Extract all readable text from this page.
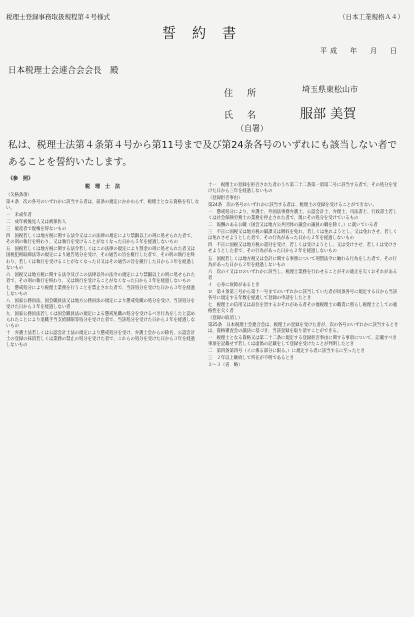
税理士登録事務取扱規程第４号様式	（日本工業規格Ａ４）
誓約書
平成　年　月　日
日本税理士会連合会会長　殿
住所	埼玉県東松山市
氏名 服部 美賀
（自署）
私は、税理士法第４条第４号から第11号まで及び第24条各号のいずれにも該当しない者であることを誓約いたします。
《参　照》

税　理　士　法

（欠格条項）

第４条　次の各号のいずれかに該当する者は、前条の規定にかかわらず、税理士となる資格を有しない。

一　未成年者

二　成年被後見人又は被保佐人

三　破産者で復権を得ないもの

四　国税若しくは地方税に関する法令又はこの法律の規定により禁錮以上の刑に処せられた者で、その刑の執行を終わり、又は執行を受けることがなくなった日から５年を経過しないもの

五　国税若しくは地方税に関する法令若しくはこの法律の規定により罰金の刑に処せられた者又は国税犯則取締法等の規定により通告処分を受け、その通告の旨を履行した者で、その刑の執行を終わり、若しくは執行を受けることがなくなった日又はその通告の旨を履行した日から３年を経過しないもの

六　国税又は地方税に関する法令及びこの法律以外の法令の規定により禁錮以上の刑に処せられた者で、その刑の執行を終わり、又は執行を受けることがなくなった日から３年を経過しないもの

七　懲戒処分により税理士業務を行うことを禁止された者で、当該処分を受けた日から３年を経過しないもの

八　国家公務員法、国会職員法又は地方公務員法の規定により懲戒免職の処分を受け、当該処分を受けた日から３年を経過しない者

九　国家公務員法若しくは国会職員法の規定による懲戒免職の処分を受けるべき行為をしたと認められたことにより退職手当支給制限等処分を受けた者で、当該処分を受けた日から３年を経過しないもの

十　弁護士法若しくは公認会計士法の規定により懲戒処分を受け、弁護士会からの除名、公認会計士の登録の抹消若しくは業務の禁止の処分を受けた者で、これらの処分を受けた日から３年を経過しないもの

十一　税理士の登録を拒否された者のうち第二十二条第一項第二号に該当する者で、その処分を受けた日から三年を経過しないもの

（登録拒否事由）

第24条　次の各号のいずれかに該当する者は、税理士の登録を受けることができない。

一　懲戒処分により、弁護士、外国法事務弁護士、公認会計士、弁理士、司法書士、行政書士若しくは社会保険労務士の業務を停止された者で、現にその処分を受けているもの

二　報酬のある公職（国会又は地方公共団体の議会の議員の職を除く。）に就いている者

三　不正に国税又は地方税の賦課又は徴収を免れ、若しくは免れようとし、又は免れさせ、若しくは免れさせようとした者で、その行為があった日から２年を経過しないもの

四　不正に国税又は地方税の還付を受け、若しくは受けようとし、又は受けさせ、若しくは受けさせようとした者で、その行為があった日から２年を経過しないもの

五　国税若しくは地方税又は会計に関する事務について刑罰法令に触れる行為をした者で、その行為があった日から２年を経過しないもの

六　次のイ又はロのいずれかに該当し、税理士業務を行わせることがその適正を欠くおそれがある者

イ　心身に故障があるとき

ロ　第４条第三号から第十一号までのいずれかに該当していた者が同条各号に規定する日から当該各号に規定する年数を経過して登録の申請をしたとき

七　税理士の信用又は品位を害するおそれがある者その他税理士の職責に照らし税理士としての適格性を欠く者

（登録の取消し）

第25条　日本税理士会連合会は、税理士の登録を受けた者が、次の各号のいずれかに該当するときは、資格審査会の議決に基づき、当該登録を取り消すことができる。

一　税理士となる資格又は第二十二条に規定する登録拒否事由に関する事項について、記載すべき事項を記載せず若しくは虚偽の記載をして登録を受けたことが判明したとき

二　第四条第四号（イに係る部分に限る。）に規定する者に該当するに至ったとき

三　２年以上継続して所在が不明であるとき

２〜３（省　略）
